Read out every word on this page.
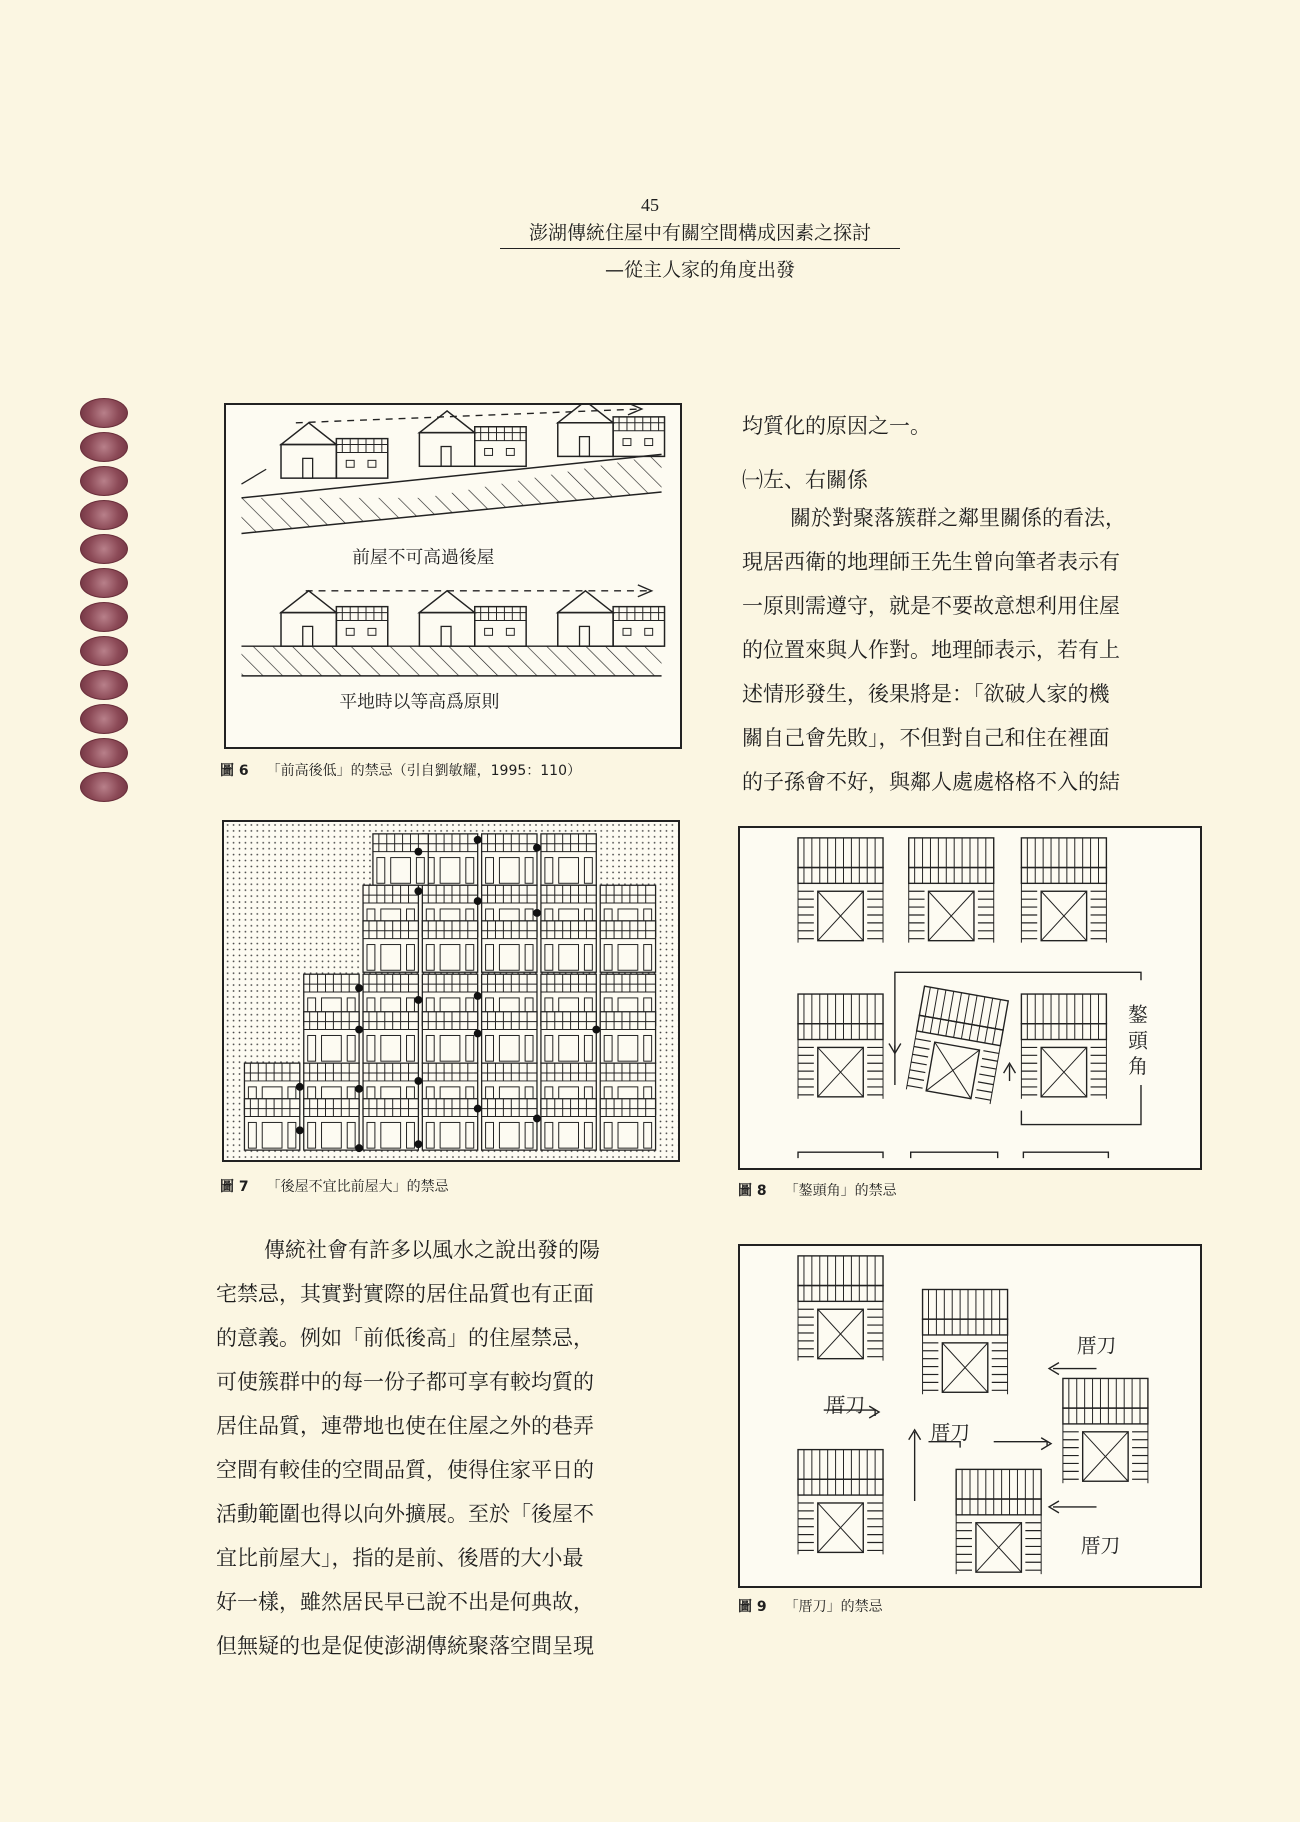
45
澎湖傳統住屋中有關空間構成因素之探討
—從主人家的角度出發
前屋不可高過後屋
平地時以等高爲原則
圖 6 「前高後低」的禁忌（引自劉敏耀，1995：110）
圖 7 「後屋不宜比前屋大」的禁忌
傳統社會有許多以風水之說出發的陽
宅禁忌，其實對實際的居住品質也有正面
的意義。例如「前低後高」的住屋禁忌，
可使簇群中的每一份子都可享有較均質的
居住品質，連帶地也使在住屋之外的巷弄
空間有較佳的空間品質，使得住家平日的
活動範圍也得以向外擴展。至於「後屋不
宜比前屋大」，指的是前、後厝的大小最
好一樣，雖然居民早已說不出是何典故，
但無疑的也是促使澎湖傳統聚落空間呈現
均質化的原因之一。
㈠左、右關係
關於對聚落簇群之鄰里關係的看法，
現居西衛的地理師王先生曾向筆者表示有
一原則需遵守，就是不要故意想利用住屋
的位置來與人作對。地理師表示，若有上
述情形發生，後果將是：「欲破人家的機
關自己會先敗」，不但對自己和住在裡面
的子孫會不好，與鄰人處處格格不入的結
鏊
頭
角
圖 8 「鏊頭角」的禁忌
厝刀
厝刀
厝刀
厝刀
圖 9 「厝刀」的禁忌
